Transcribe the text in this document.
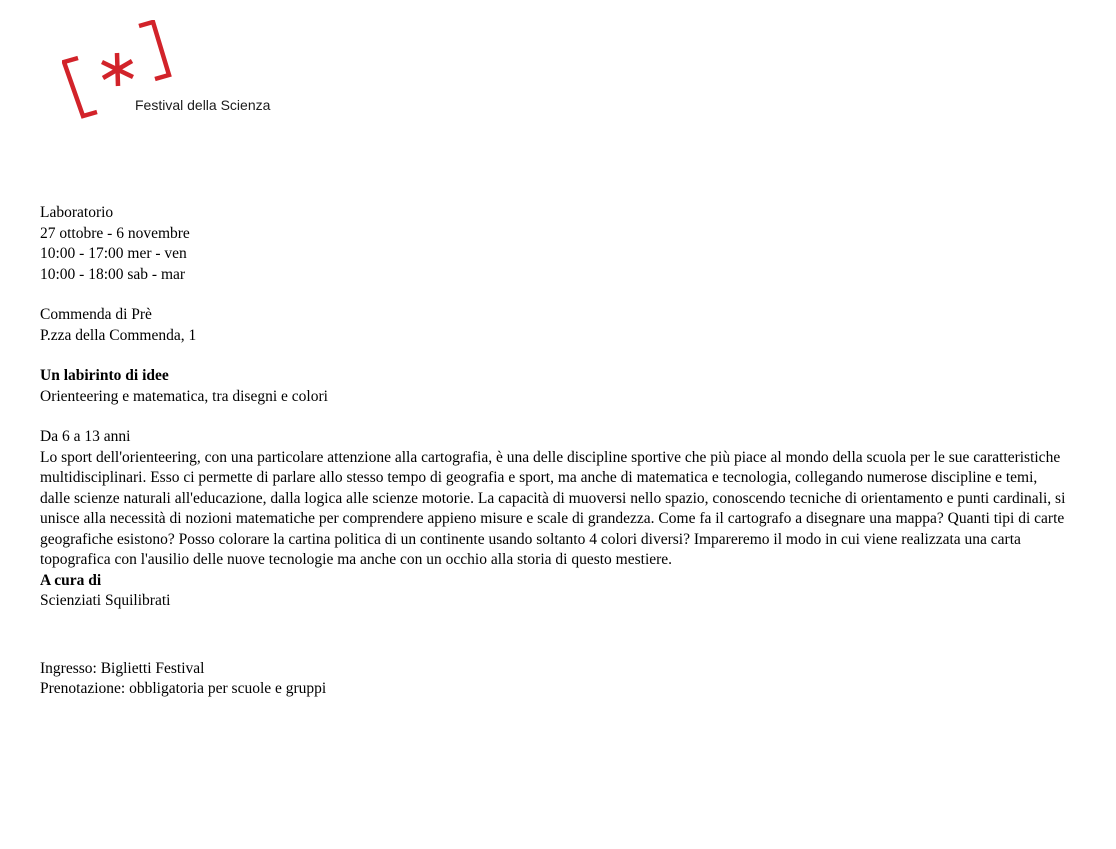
Festival della Scienza

Laboratorio

27 ottobre - 6 novembre

10:00 - 17:00 mer - ven

10:00 - 18:00 sab - mar

Commenda di Prè

P.zza della Commenda, 1

Un labirinto di idee

Orienteering e matematica, tra disegni e colori

Da 6 a 13 anni

Lo sport dell'orienteering, con una particolare attenzione alla cartografia, è una delle discipline sportive che più piace al mondo della scuola per le sue caratteristiche multidisciplinari. Esso ci permette di parlare allo stesso tempo di geografia e sport, ma anche di matematica e tecnologia, collegando numerose discipline e temi, dalle scienze naturali all'educazione, dalla logica alle scienze motorie. La capacità di muoversi nello spazio, conoscendo tecniche di orientamento e punti cardinali, si unisce alla necessità di nozioni matematiche per comprendere appieno misure e scale di grandezza. Come fa il cartografo a disegnare una mappa? Quanti tipi di carte geografiche esistono? Posso colorare la cartina politica di un continente usando soltanto 4 colori diversi? Impareremo il modo in cui viene realizzata una carta topografica con l'ausilio delle nuove tecnologie ma anche con un occhio alla storia di questo mestiere.

A cura di

Scienziati Squilibrati

Ingresso: Biglietti Festival

Prenotazione: obbligatoria per scuole e gruppi
